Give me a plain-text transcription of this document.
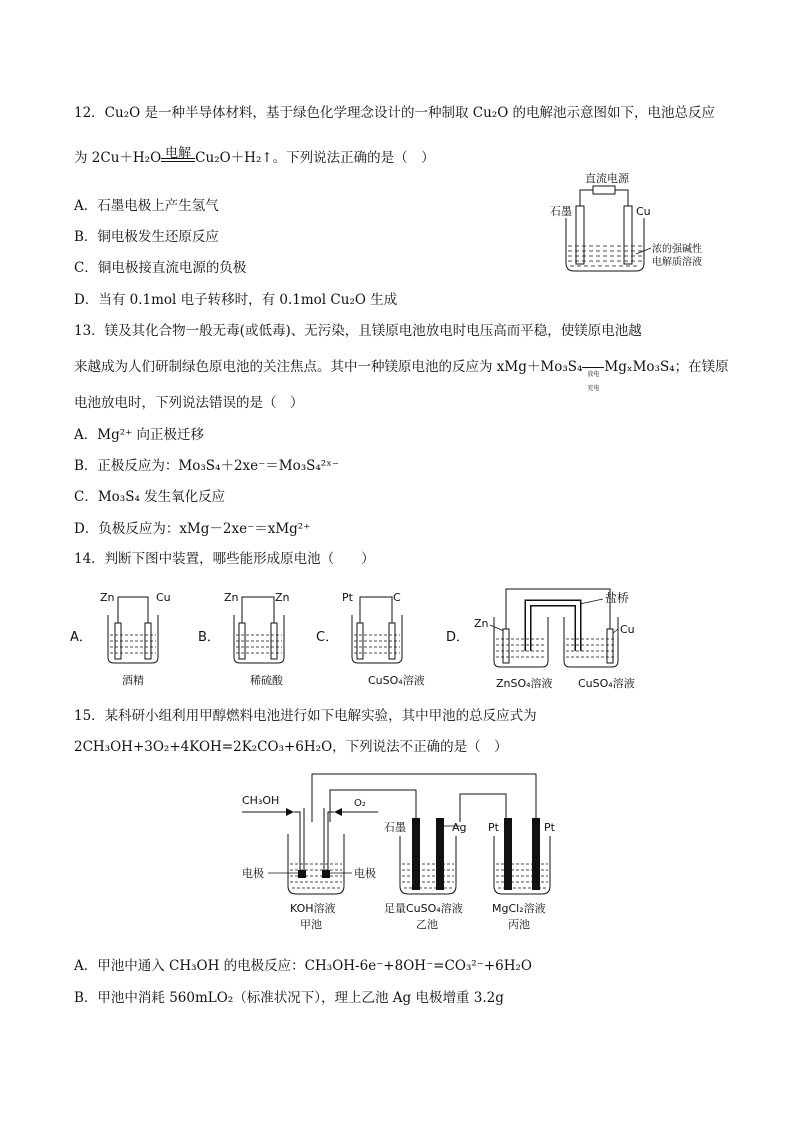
12．Cu₂O 是一种半导体材料，基于绿色化学理念设计的一种制取 Cu₂O 的电解池示意图如下，电池总反应
为 2Cu＋H₂O 电解 Cu₂O＋H₂↑。下列说法正确的是（　）
A．石墨电极上产生氢气
B．铜电极发生还原反应
C．铜电极接直流电源的负极
D．当有 0.1mol 电子转移时，有 0.1mol Cu₂O 生成
直流电源
石墨	Cu
浓的强碱性
电解质溶液
13．镁及其化合物一般无毒(或低毒)、无污染，且镁原电池放电时电压高而平稳，使镁原电池越
来越成为人们研制绿色原电池的关注焦点。其中一种镁原电池的反应为 xMg＋Mo₃S₄ 放电
充电
MgₓMo₃S₄；在镁原
电池放电时，下列说法错误的是（　）
A．Mg²⁺ 向正极迁移
B．正极反应为：Mo₃S₄＋2xe⁻＝Mo₃S₄²ˣ⁻
C．Mo₃S₄ 发生氧化反应
D．负极反应为：xMg－2xe⁻＝xMg²⁺
14．判断下图中装置，哪些能形成原电池（　　）
A．
Zn	Cu
酒精
B．
Zn	Zn
稀硫酸
C．
Pt	C
CuSO₄溶液
D．
盐桥
Zn
ZnSO₄溶液
Cu
CuSO₄溶液
15．某科研小组利用甲醇燃料电池进行如下电解实验，其中甲池的总反应式为
2CH₃OH+3O₂+4KOH=2K₂CO₃+6H₂O，下列说法不正确的是（　）
CH₃OH	O₂
电极	电极
KOH溶液
甲池
石墨	Ag
足量CuSO₄溶液
乙池
Pt	Pt
MgCl₂溶液
丙池
A．甲池中通入 CH₃OH 的电极反应：CH₃OH-6e⁻+8OH⁻=CO₃²⁻+6H₂O
B．甲池中消耗 560mLO₂（标准状况下），理上乙池 Ag 电极增重 3.2g
